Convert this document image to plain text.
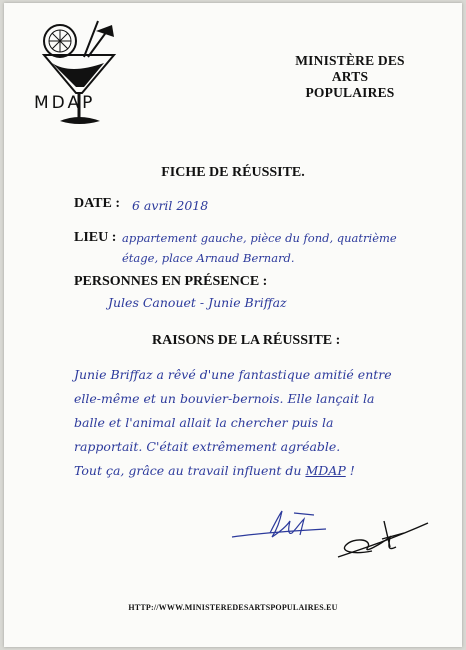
MDAP
MINISTÈRE DES
ARTS
POPULAIRES
FICHE DE RÉUSSITE.
DATE : 6 avril 2018
LIEU : appartement gauche, pièce du fond, quatrième
étage, place Arnaud Bernard.
PERSONNES EN PRÉSENCE :
Jules Canouet - Junie Briffaz
RAISONS DE LA RÉUSSITE :
Junie Briffaz a rêvé d'une fantastique amitié entre
elle-même et un bouvier-bernois. Elle lançait la
balle et l'animal allait la chercher puis la
rapportait. C'était extrêmement agréable.
Tout ça, grâce au travail influent du MDAP !
HTTP://WWW.MINISTEREDESARTSPOPULAIRES.EU
